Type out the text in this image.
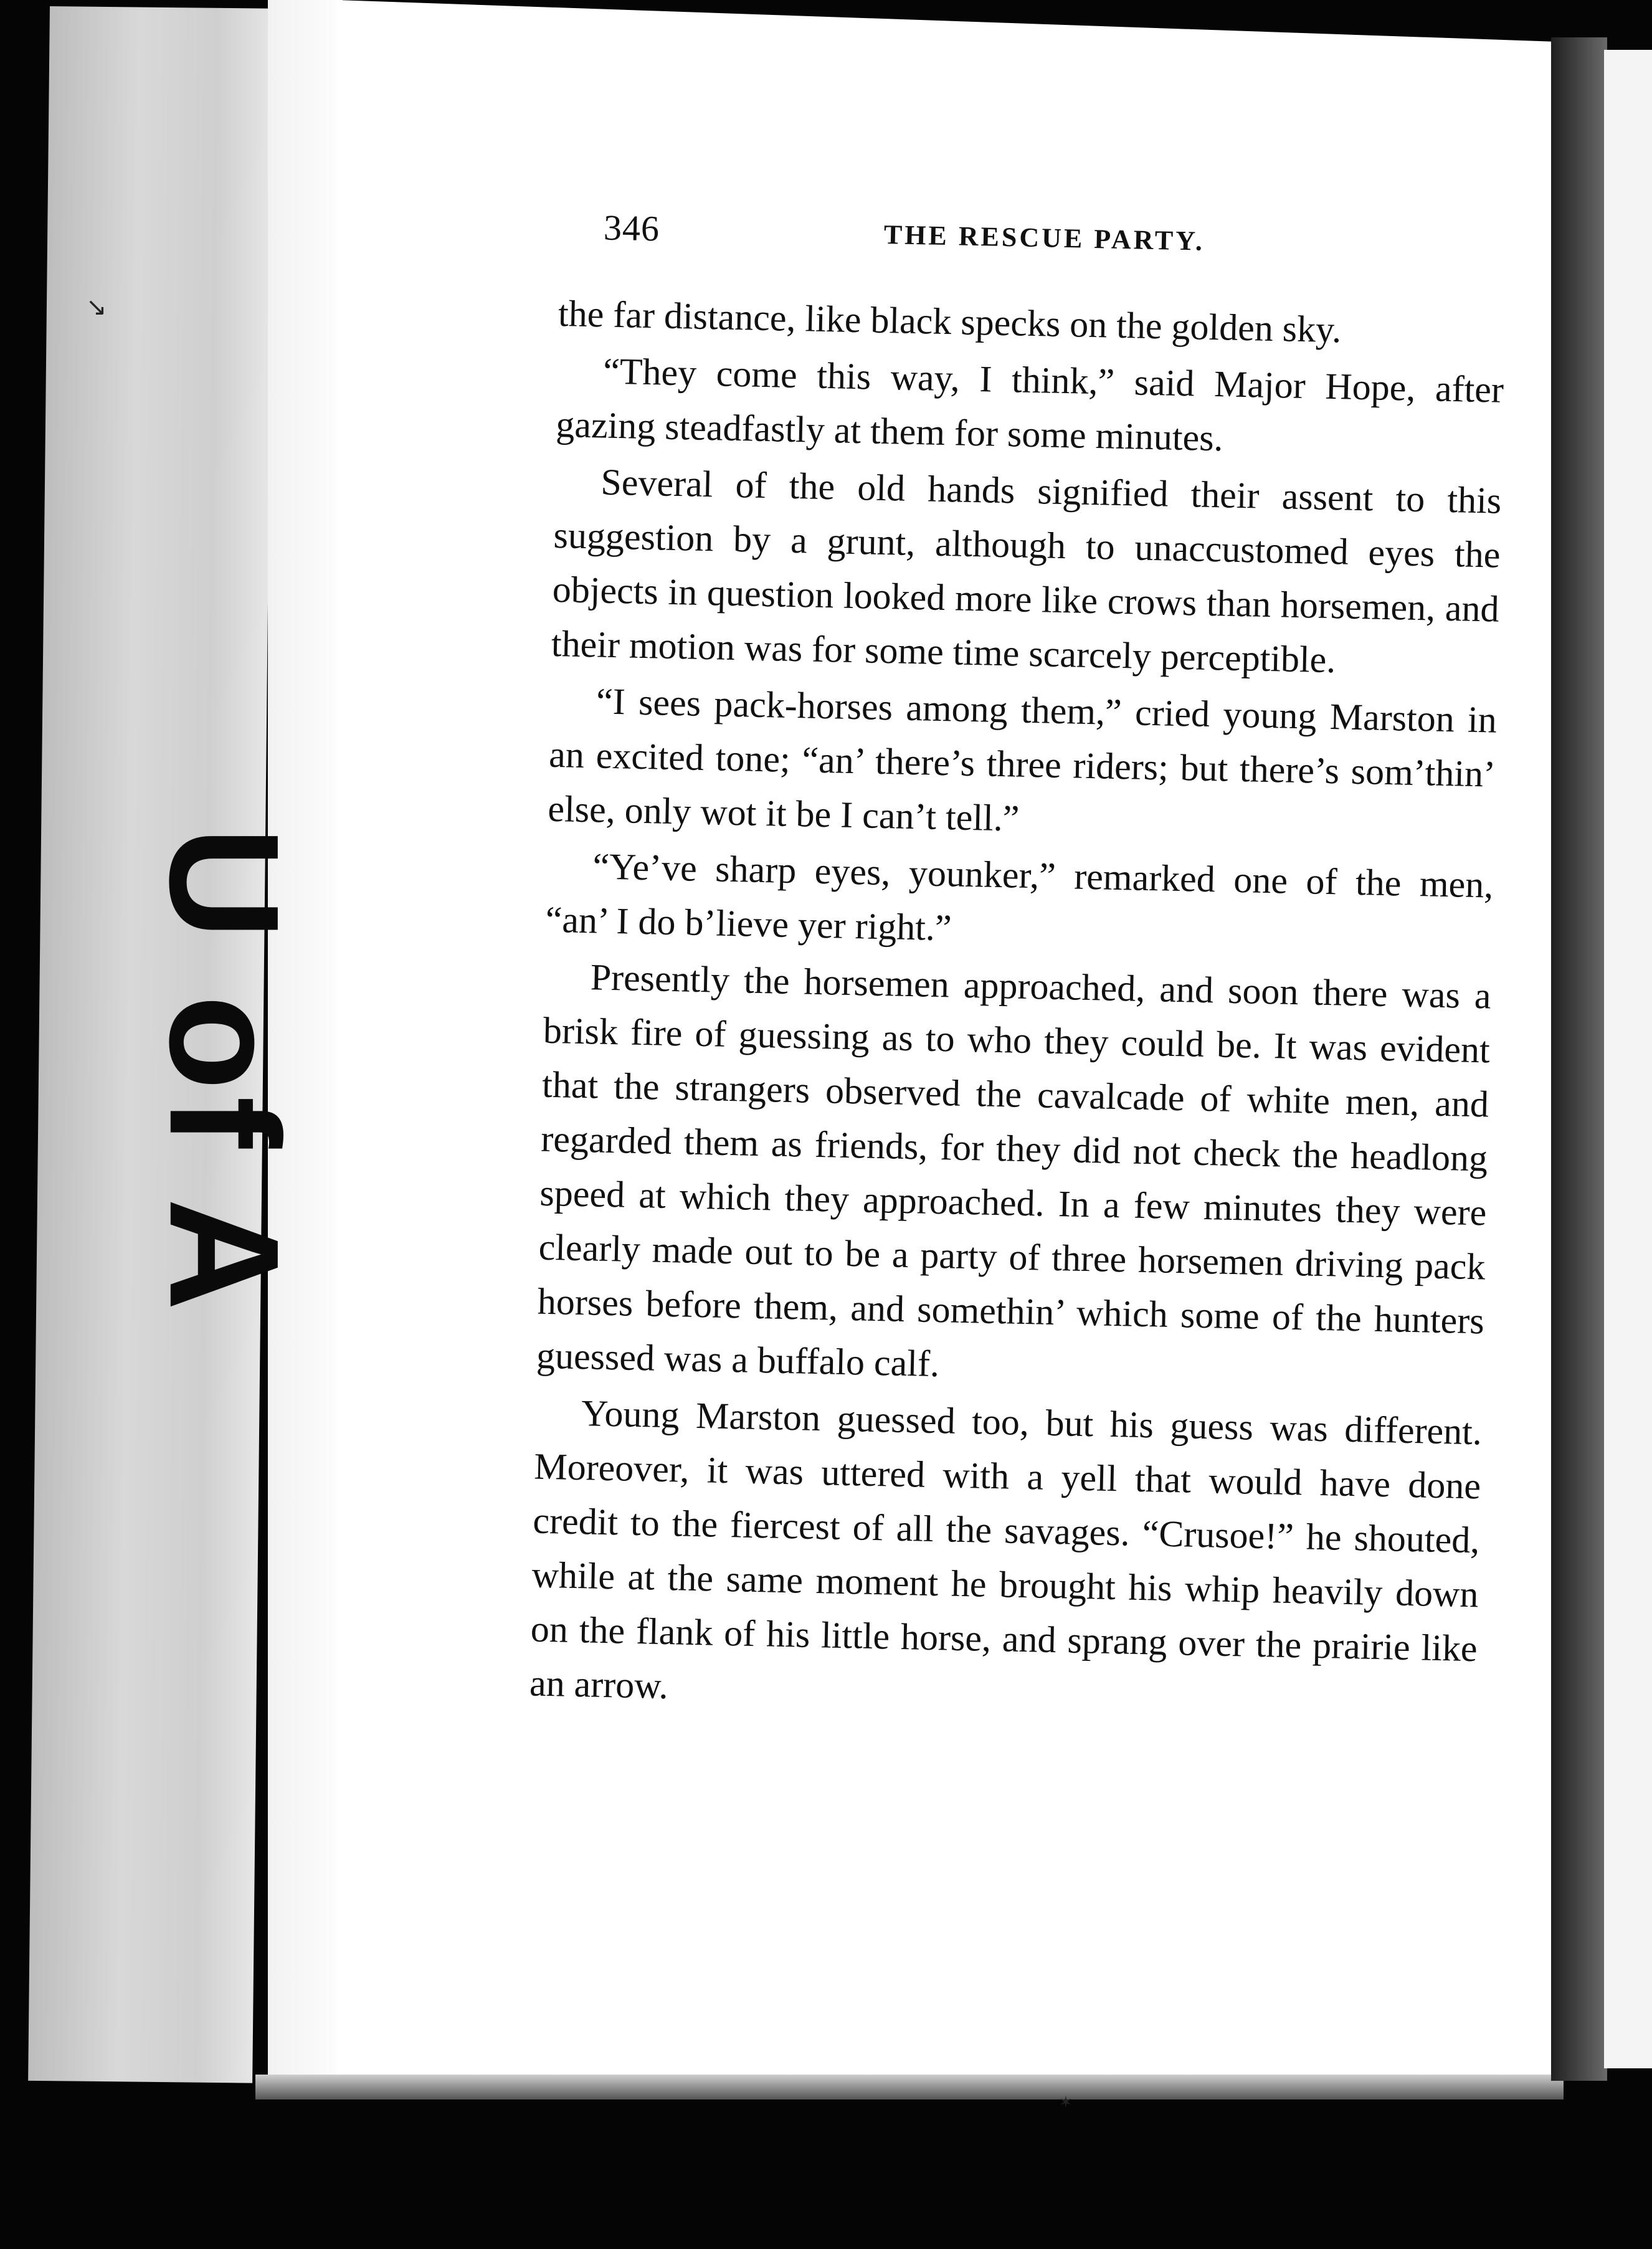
U of A
↘
✶
346	THE RESCUE PARTY.

the far distance, like black specks on the golden sky.

“They come this way, I think,” said Major Hope, after gazing steadfastly at them for some minutes.

Several of the old hands signified their assent to this suggestion by a grunt, although to unaccustomed eyes the objects in question looked more like crows than horsemen, and their motion was for some time scarcely perceptible.

“I sees pack-horses among them,” cried young Marston in an excited tone; “an’ there’s three riders; but there’s som’thin’ else, only wot it be I can’t tell.”

“Ye’ve sharp eyes, younker,” remarked one of the men, “an’ I do b’lieve yer right.”

Presently the horsemen approached, and soon there was a brisk fire of guessing as to who they could be. It was evident that the strangers observed the cavalcade of white men, and regarded them as friends, for they did not check the headlong speed at which they approached. In a few minutes they were clearly made out to be a party of three horsemen driving pack horses before them, and somethin’ which some of the hunters guessed was a buffalo calf.

Young Marston guessed too, but his guess was different. Moreover, it was uttered with a yell that would have done credit to the fiercest of all the savages. “Crusoe!” he shouted, while at the same moment he brought his whip heavily down on the flank of his little horse, and sprang over the prairie like an arrow.
